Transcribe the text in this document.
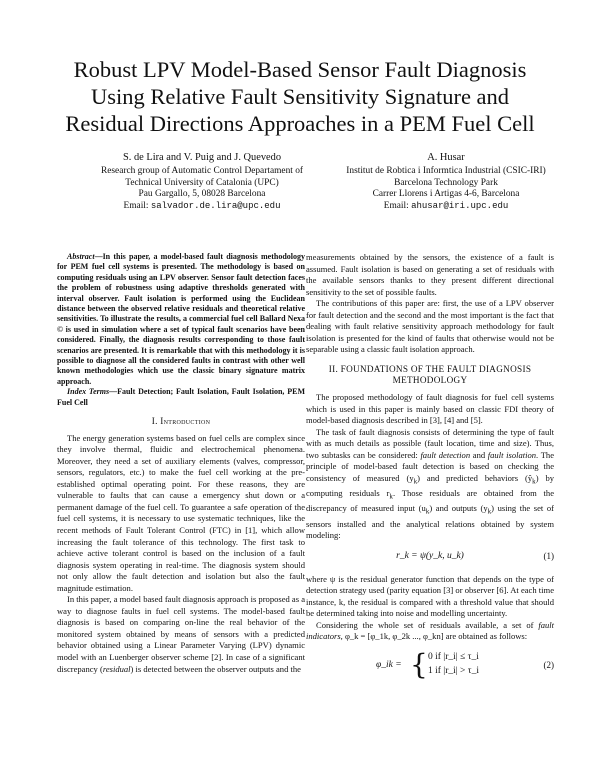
Robust LPV Model-Based Sensor Fault Diagnosis
Using Relative Fault Sensitivity Signature and
Residual Directions Approaches in a PEM Fuel Cell
S. de Lira and V. Puig and J. Quevedo
Research group of Automatic Control Departament of
Technical University of Catalonia (UPC)
Pau Gargallo, 5, 08028 Barcelona
Email: salvador.de.lira@upc.edu
A. Husar
Institut de Robtica i Informtica Industrial (CSIC-IRI)
Barcelona Technology Park
Carrer Llorens i Artigas 4-6, Barcelona
Email: ahusar@iri.upc.edu

Abstract—In this paper, a model-based fault diagnosis methodology for PEM fuel cell systems is presented. The methodology is based on computing residuals using an LPV observer. Sensor fault detection faces the problem of robustness using adaptive thresholds generated with interval observer. Fault isolation is performed using the Euclidean distance between the observed relative residuals and theoretical relative sensitivities. To illustrate the results, a commercial fuel cell Ballard Nexa © is used in simulation where a set of typical fault scenarios have been considered. Finally, the diagnosis results corresponding to those fault scenarios are presented. It is remarkable that with this methodology it is possible to diagnose all the considered faults in contrast with other well known methodologies which use the classic binary signature matrix approach.

Index Terms—Fault Detection; Fault Isolation, Fault Isolation, PEM Fuel Cell

I. Introduction

The energy generation systems based on fuel cells are complex since they involve thermal, fluidic and electrochemical phenomena. Moreover, they need a set of auxiliary elements (valves, compressor, sensors, regulators, etc.) to make the fuel cell working at the pre-established optimal operating point. For these reasons, they are vulnerable to faults that can cause a emergency shut down or a permanent damage of the fuel cell. To guarantee a safe operation of the fuel cell systems, it is necessary to use systematic techniques, like the recent methods of Fault Tolerant Control (FTC) in [1], which allow increasing the fault tolerance of this technology. The first task to achieve active tolerant control is based on the inclusion of a fault diagnosis system operating in real-time. The diagnosis system should not only allow the fault detection and isolation but also the fault magnitude estimation.

In this paper, a model based fault diagnosis approach is proposed as a way to diagnose faults in fuel cell systems. The model-based fault diagnosis is based on comparing on-line the real behavior of the monitored system obtained by means of sensors with a predicted behavior obtained using a Linear Parameter Varying (LPV) dynamic model with an Luenberger observer scheme [2]. In case of a significant discrepancy (residual) is detected between the observer outputs and the

measurements obtained by the sensors, the existence of a fault is assumed. Fault isolation is based on generating a set of residuals with the available sensors thanks to they present different directional sensitivity to the set of possible faults.

The contributions of this paper are: first, the use of a LPV observer for fault detection and the second and the most important is the fact that dealing with fault relative sensitivity approach methodology for fault isolation is presented for the kind of faults that otherwise would not be separable using a classic fault isolation approach.

II. FOUNDATIONS OF THE FAULT DIAGNOSIS
METHODOLOGY

The proposed methodology of fault diagnosis for fuel cell systems which is used in this paper is mainly based on classic FDI theory of model-based diagnosis described in [3], [4] and [5].

The task of fault diagnosis consists of determining the type of fault with as much details as possible (fault location, time and size). Thus, two subtasks can be considered: fault detection and fault isolation. The principle of model-based fault detection is based on checking the consistency of measured $(y_k)$ and predicted behaviors $(ŷ_k)$ by computing residuals $r_k$. Those residuals are obtained from the discrepancy of measured input $(u_k)$ and outputs $(y_k)$ using the set of sensors installed and the analytical relations obtained by system modeling:

r_k = ψ(y_k, u_k)	(1)

where ψ is the residual generator function that depends on the type of detection strategy used (parity equation [3] or observer [6]. At each time instance, k, the residual is compared with a threshold value that should be determined taking into noise and modelling uncertainty.

Considering the whole set of residuals available, a set of fault indicators, φ_k = [φ_1k, φ_2k ..., φ_kn] are obtained as follows:

φ_ik = { 0 if |r_i| ≤ τ_i
1 if |r_i| > τ_i
(2)
